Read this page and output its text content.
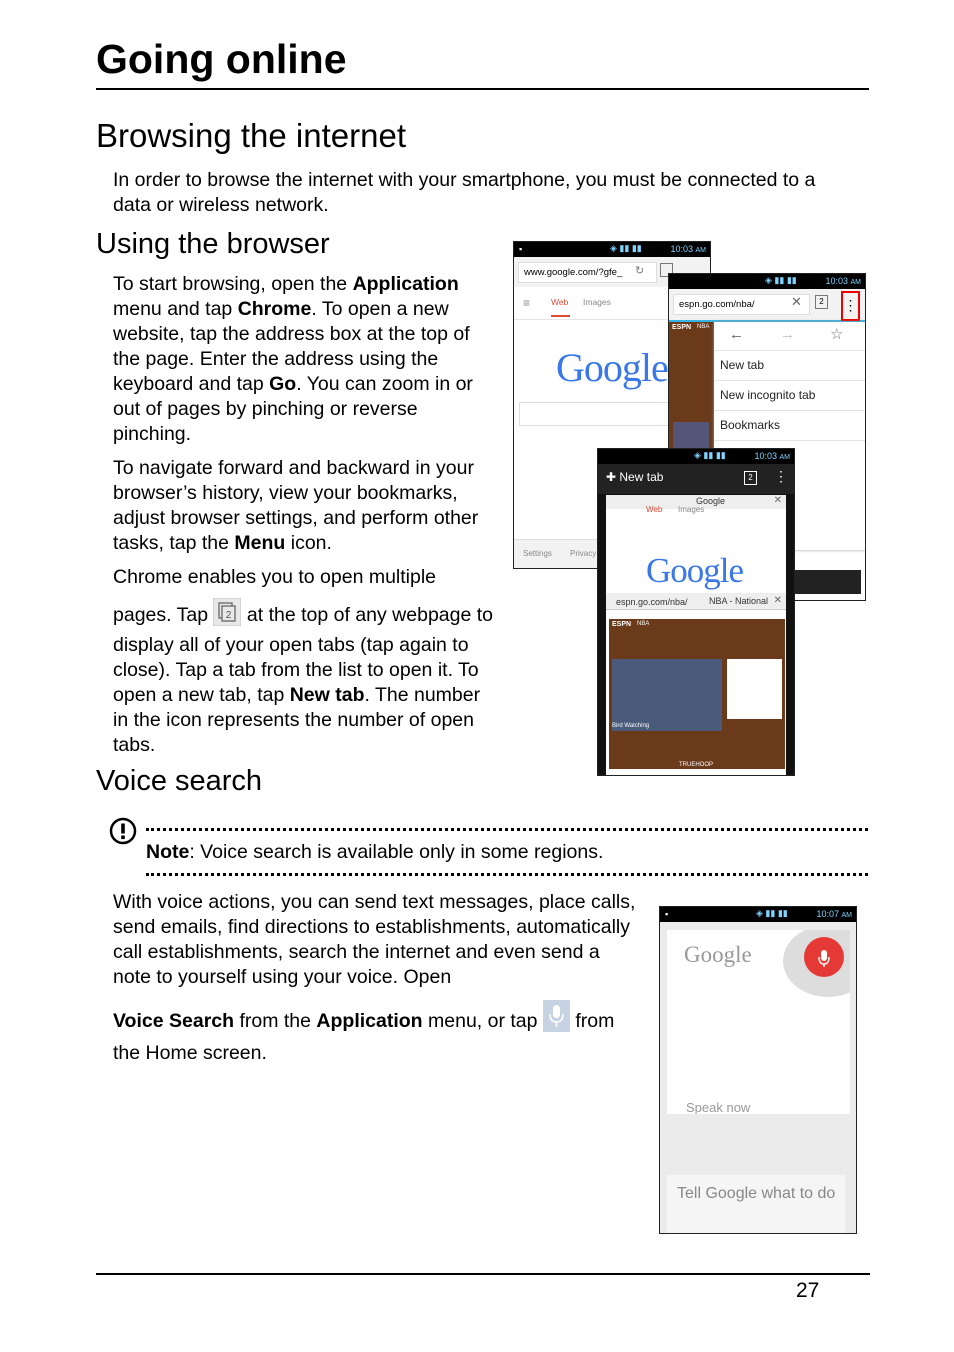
Going online
Browsing the internet

In order to browse the internet with your smartphone, you must be connected to a data or wireless network.

Using the browser

To start browsing, open the Application menu and tap Chrome. To open a new website, tap the address box at the top of the page. Enter the address using the keyboard and tap Go. You can zoom in or out of pages by pinching or reverse pinching.

To navigate forward and backward in your browser’s history, view your bookmarks, adjust browser settings, and perform other tasks, tap the Menu icon.

Chrome enables you to open multiple

pages. Tap 2 at the top of any webpage to display all of your open tabs (tap again to close). Tap a tab from the list to open it. To open a new tab, tap New tab. The number in the icon represents the number of open tabs.

▪	◈ ▮▮ ▮▮	10:03 AM
www.google.com/?gfe_	↻
≡ Web Images
Google
Settings Privacy
◈ ▮▮ ▮▮	10:03 AM
espn.go.com/nba/	✕	2	⋮
ESPN NBA ← → ☆
New tab
New incognito tab
Bookmarks
◈ ▮▮ ▮▮	10:03 AM
✚ New tab	2	⋮
Google	✕
Web Images
Google
espn.go.com/nba/ NBA - National ✕
ESPN NBA
Bird Watching
TRUEHOOP
Voice search

Note: Voice search is available only in some regions.

With voice actions, you can send text messages, place calls, send emails, find directions to establishments, automatically call establishments, search the internet and even send a note to yourself using your voice. Open

Voice Search from the Application menu, or tap  from the Home screen.

▪	◈ ▮▮ ▮▮	10:07 AM
Google
Speak now
Tell Google what to do
27
